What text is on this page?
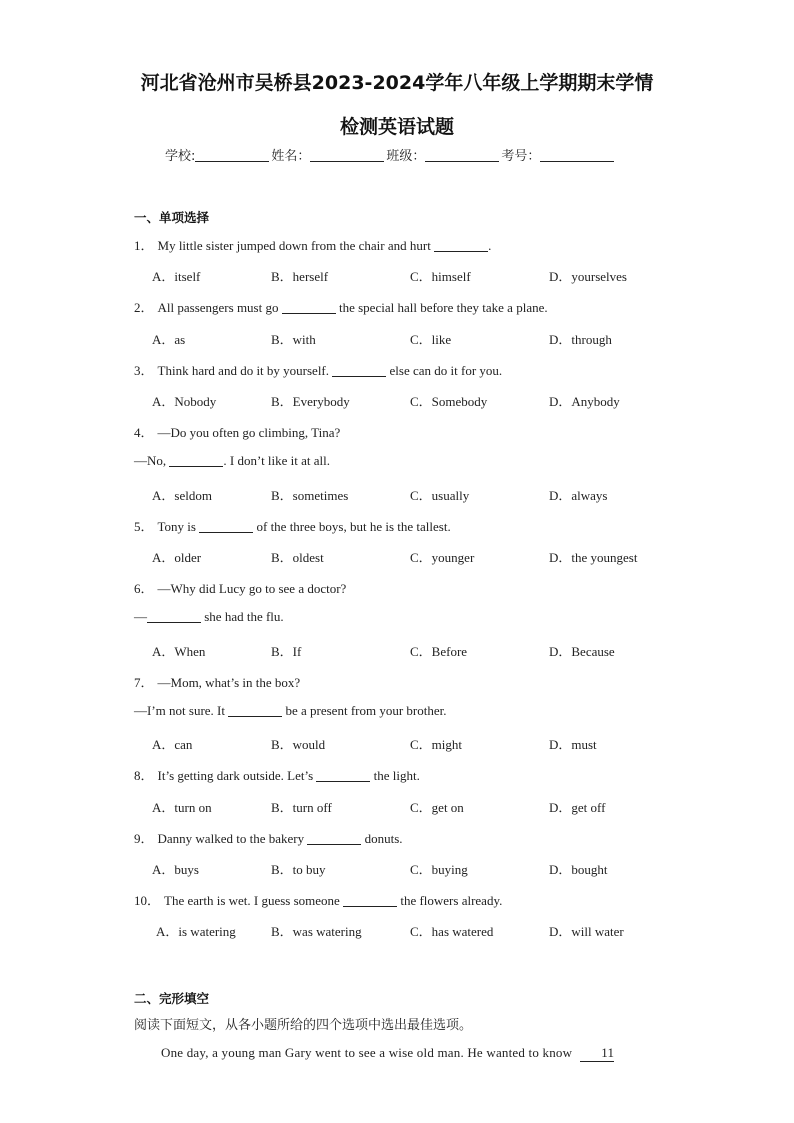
河北省沧州市吴桥县2023-2024学年八年级上学期期末学情
检测英语试题
学校:	姓名：	班级：	考号：
一、单项选择
1． My little sister jumped down from the chair and hurt	.
A．itself	B．herself	C．himself	D．yourselves
2． All passengers must go	the special hall before they take a plane.
A．as	B．with	C．like	D．through
3． Think hard and do it by yourself.	else can do it for you.
A．Nobody	B．Everybody	C．Somebody	D．Anybody
4． —Do you often go climbing, Tina?
—No,	. I don’t like it at all.
A．seldom	B．sometimes	C．usually	D．always
5． Tony is	of the three boys, but he is the tallest.
A．older	B．oldest	C．younger	D．the youngest
6． —Why did Lucy go to see a doctor?
—	she had the flu.
A．When	B．If	C．Before	D．Because
7． —Mom, what’s in the box?
—I’m not sure. It	be a present from your brother.
A．can	B．would	C．might	D．must
8． It’s getting dark outside. Let’s	the light.
A．turn on	B．turn off	C．get on	D．get off
9． Danny walked to the bakery	donuts.
A．buys	B．to buy	C．buying	D．bought
10． The earth is wet. I guess someone	the flowers already.
A．is watering	B．was watering	C．has watered	D．will water
二、完形填空
阅读下面短文，从各小题所给的四个选项中选出最佳选项。
One day, a young man Gary went to see a wise old man. He wanted to know 11
